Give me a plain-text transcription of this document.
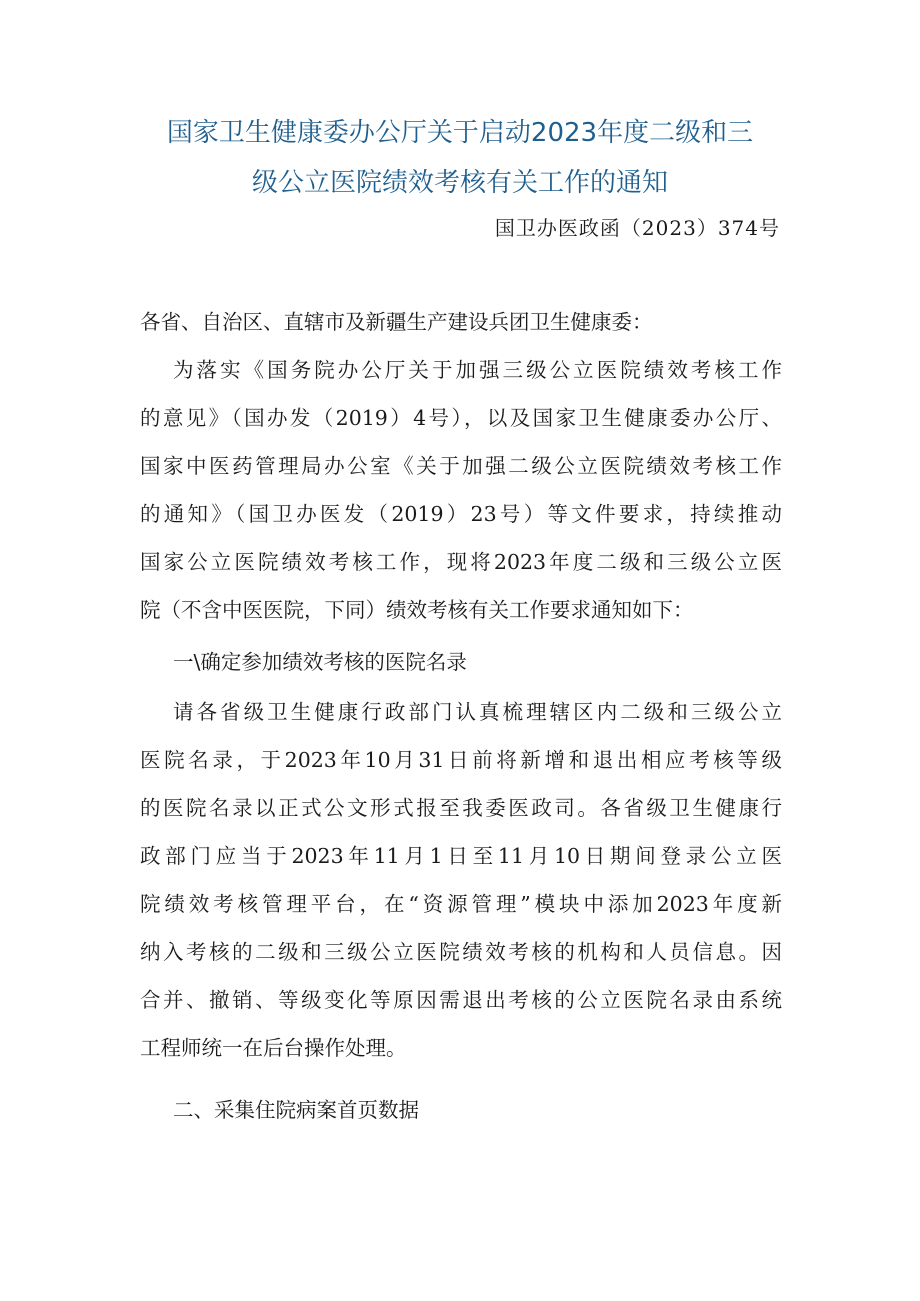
国家卫生健康委办公厅关于启动2023年度二级和三
级公立医院绩效考核有关工作的通知
国卫办医政函（2023）374号
各省、自治区、直辖市及新疆生产建设兵团卫生健康委：
为落实《国务院办公厅关于加强三级公立医院绩效考核工作
的意见》（国办发（2019）4号），以及国家卫生健康委办公厅、
国家中医药管理局办公室《关于加强二级公立医院绩效考核工作
的通知》（国卫办医发（2019）23号）等文件要求，持续推动
国家公立医院绩效考核工作，现将2023年度二级和三级公立医
院（不含中医医院，下同）绩效考核有关工作要求通知如下：
一\确定参加绩效考核的医院名录
请各省级卫生健康行政部门认真梳理辖区内二级和三级公立
医院名录，于2023年10月31日前将新增和退出相应考核等级
的医院名录以正式公文形式报至我委医政司。各省级卫生健康行
政部门应当于2023年11月1日至11月10日期间登录公立医
院绩效考核管理平台，在“资源管理”模块中添加2023年度新
纳入考核的二级和三级公立医院绩效考核的机构和人员信息。因
合并、撤销、等级变化等原因需退出考核的公立医院名录由系统
工程师统一在后台操作处理。
二、采集住院病案首页数据
